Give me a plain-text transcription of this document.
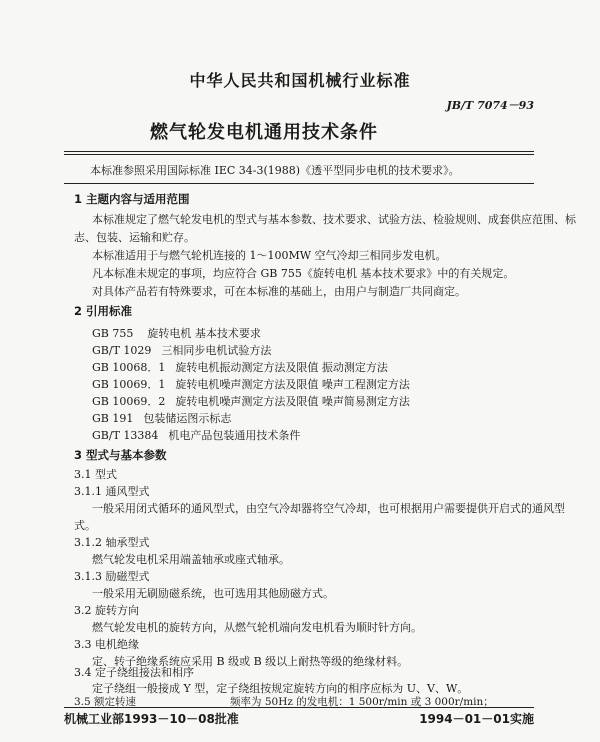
中华人民共和国机械行业标准
JB/T 7074－93
燃气轮发电机通用技术条件
本标准参照采用国际标准 IEC 34-3(1988)《透平型同步电机的技术要求》。
1 主题内容与适用范围
本标准规定了燃气轮发电机的型式与基本参数、技术要求、试验方法、检验规则、成套供应范围、标
志、包装、运输和贮存。
本标准适用于与燃气轮机连接的 1～100MW 空气冷却三相同步发电机。
凡本标准未规定的事项，均应符合 GB 755《旋转电机 基本技术要求》中的有关规定。
对具体产品若有特殊要求，可在本标准的基础上，由用户与制造厂共同商定。
2 引用标准
GB 755 旋转电机 基本技术要求
GB/T 1029 三相同步电机试验方法
GB 10068．1 旋转电机振动测定方法及限值 振动测定方法
GB 10069．1 旋转电机噪声测定方法及限值 噪声工程测定方法
GB 10069．2 旋转电机噪声测定方法及限值 噪声简易测定方法
GB 191 包装储运图示标志
GB/T 13384 机电产品包装通用技术条件
3 型式与基本参数
3.1 型式
3.1.1 通风型式
一般采用闭式循环的通风型式，由空气冷却器将空气冷却，也可根据用户需要提供开启式的通风型
式。
3.1.2 轴承型式
燃气轮发电机采用端盖轴承或座式轴承。
3.1.3 励磁型式
一般采用无刷励磁系统，也可选用其他励磁方式。
3.2 旋转方向
燃气轮发电机的旋转方向，从燃气轮机端向发电机看为顺时针方向。
3.3 电机绝缘
定、转子绝缘系统应采用 B 级或 B 级以上耐热等级的绝缘材料。
3.4 定子绕组接法和相序
定子绕组一般接成 Y 型，定子绕组按规定旋转方向的相序应标为 U、V、W。
机械工业部1993－10－08批准	1994－01－01实施
3.5 额定转速	频率为 50Hz 的发电机：1 500r/min 或 3 000r/min；
